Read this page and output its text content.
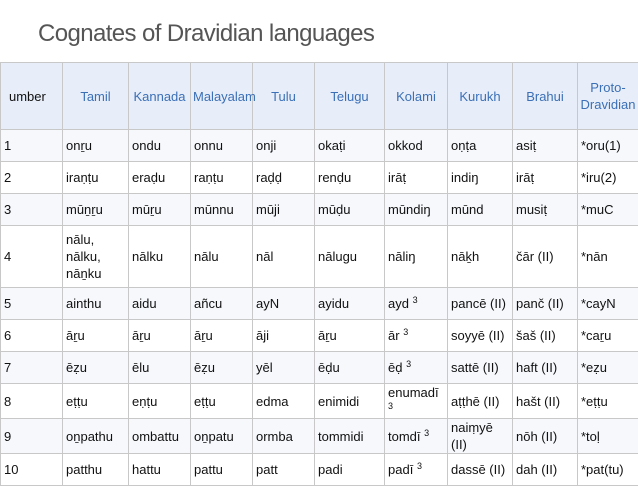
Cognates of Dravidian languages
umber	Tamil	Kannada	Malayalam	Tulu	Telugu	Kolami	Kurukh	Brahui	Proto-Dravidian
1	onṟu	ondu	onnu	onji	okaṭi	okkod	oṇṭa	asiṭ	*oru(1)
2	iraṇṭu	eraḍu	raṇṭu	raḍḍ	renḍu	irāṭ	indiŋ	irāṭ	*iru(2)
3	mūṉṟu	mūṟu	mūnnu	mūji	mūḍu	mūndiŋ	mūnd	musiṭ	*muC
4	nālu, nālku, nāṉku	nālku	nālu	nāl	nālugu	nāliŋ	nāḵh	čār (II)	*nān
5	ainthu	aidu	añcu	ayN	ayidu	ayd $^3$	pancē (II)	panč (II)	*cayN
6	āṟu	āṟu	āṟu	āji	āṟu	ār $^3$	soyyē (II)	šaš (II)	*caṟu
7	ēẓu	ēlu	ēẓu	yēl	ēḍu	ēḍ $^3$	sattē (II)	haft (II)	*eẓu
8	eṭṭu	eṇṭu	eṭṭu	edma	enimidi	enumadī $^3$	aṭṭhē (II)	hašt (II)	*eṭṭu
9	oṉpathu	ombattu	oṉpatu	ormba	tommidi	tomdī $^3$	naiṃyē (II)	nōh (II)	*toḷ
10	patthu	hattu	pattu	patt	padi	padī $^3$	dassē (II)	dah (II)	*pat(tu)
